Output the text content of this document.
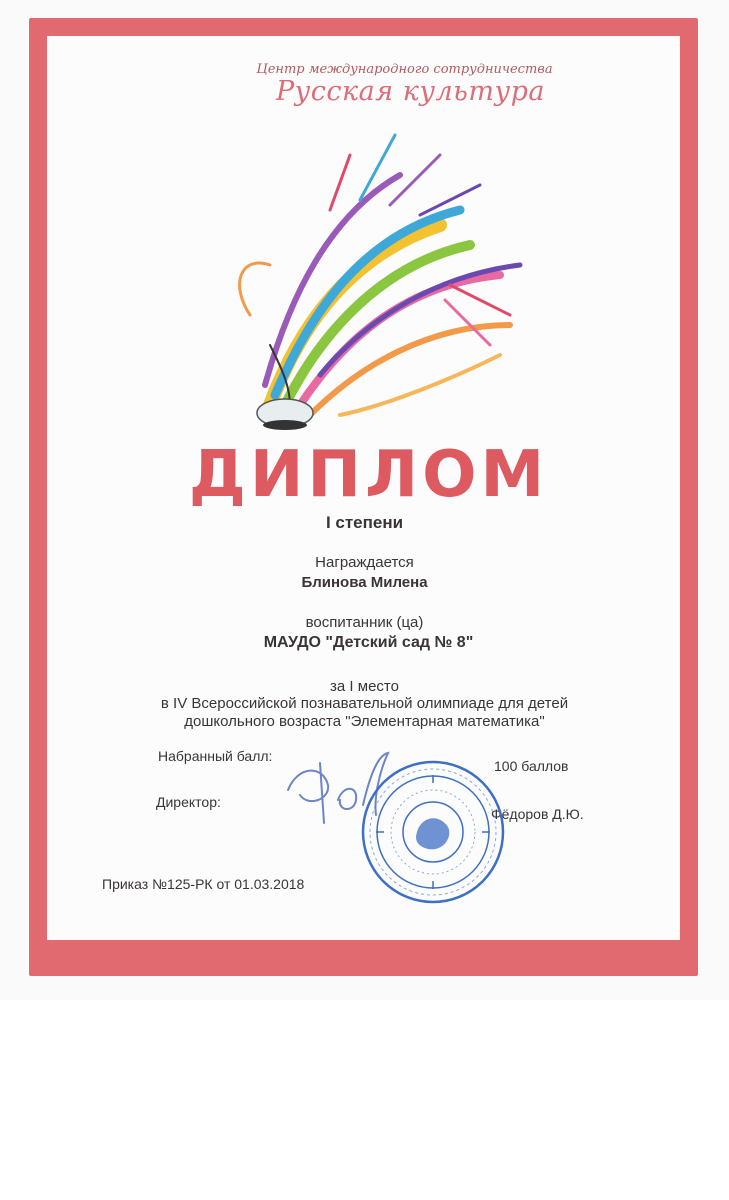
Центр международного сотрудничества
Русская культура
ДИПЛОМ
I степени
Награждается
Блинова Милена
воспитанник (ца)
МАУДО "Детский сад № 8"
за I место
в IV Всероссийской познавательной олимпиаде для детей
дошкольного возраста "Элементарная математика"
Набранный балл:
100 баллов
Директор:
Фёдоров Д.Ю.
Приказ №125-РК от 01.03.2018
